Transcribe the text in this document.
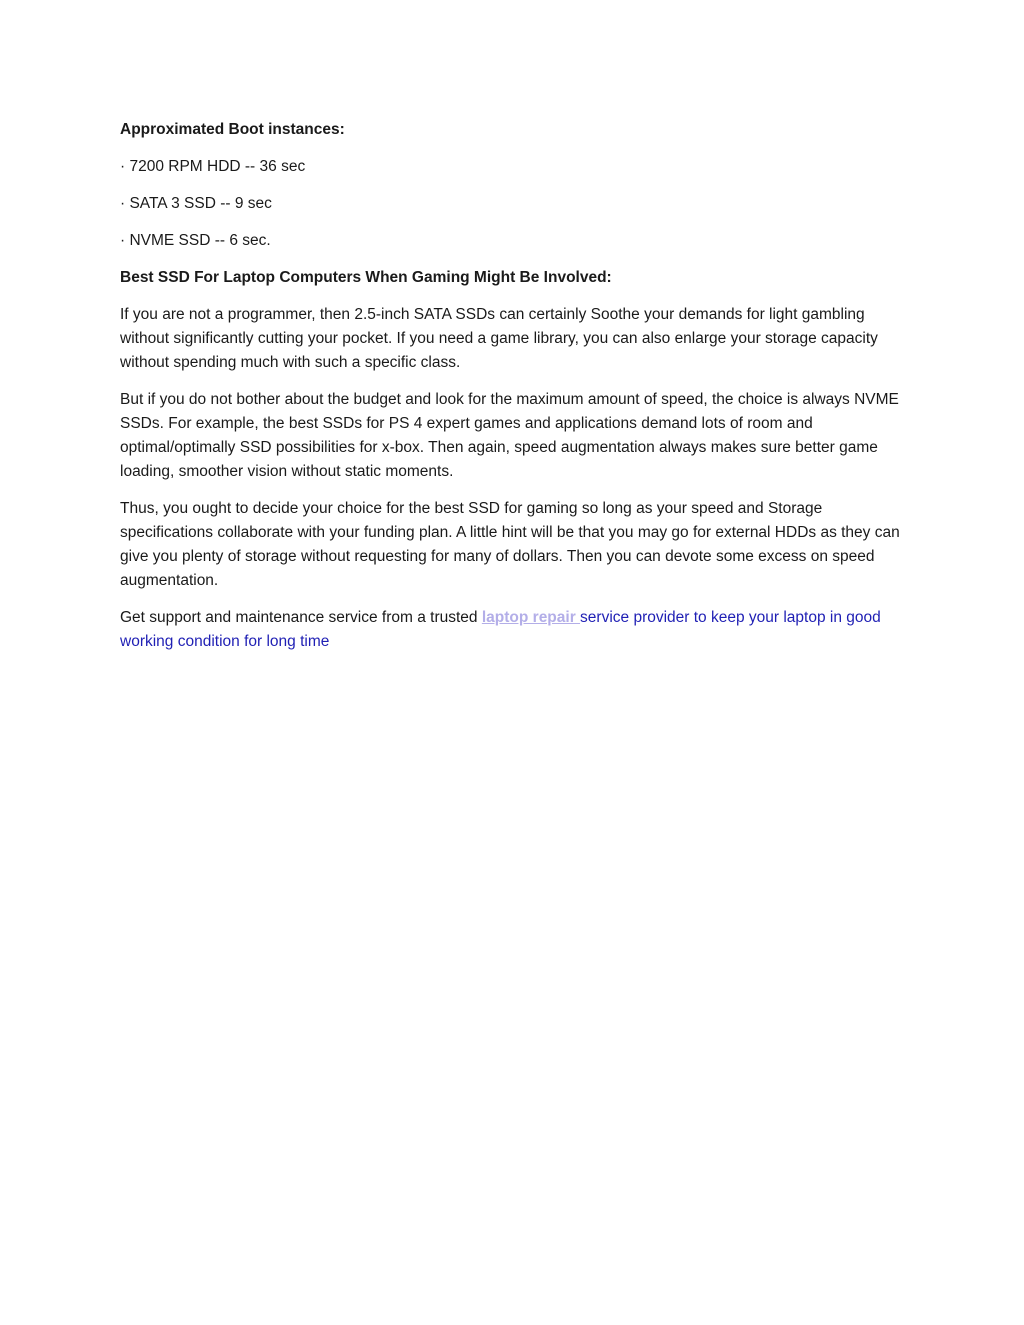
Approximated Boot instances:

· 7200 RPM HDD -- 36 sec

· SATA 3 SSD -- 9 sec

· NVME SSD -- 6 sec.

Best SSD For Laptop Computers When Gaming Might Be Involved:

If you are not a programmer, then 2.5-inch SATA SSDs can certainly Soothe your demands for light gambling without significantly cutting your pocket. If you need a game library, you can also enlarge your storage capacity without spending much with such a specific class.

But if you do not bother about the budget and look for the maximum amount of speed, the choice is always NVME SSDs. For example, the best SSDs for PS 4 expert games and applications demand lots of room and optimal/optimally SSD possibilities for x-box. Then again, speed augmentation always makes sure better game loading, smoother vision without static moments.

Thus, you ought to decide your choice for the best SSD for gaming so long as your speed and Storage specifications collaborate with your funding plan. A little hint will be that you may go for external HDDs as they can give you plenty of storage without requesting for many of dollars. Then you can devote some excess on speed augmentation.

Get support and maintenance service from a trusted laptop repair service provider to keep your laptop in good working condition for long time
